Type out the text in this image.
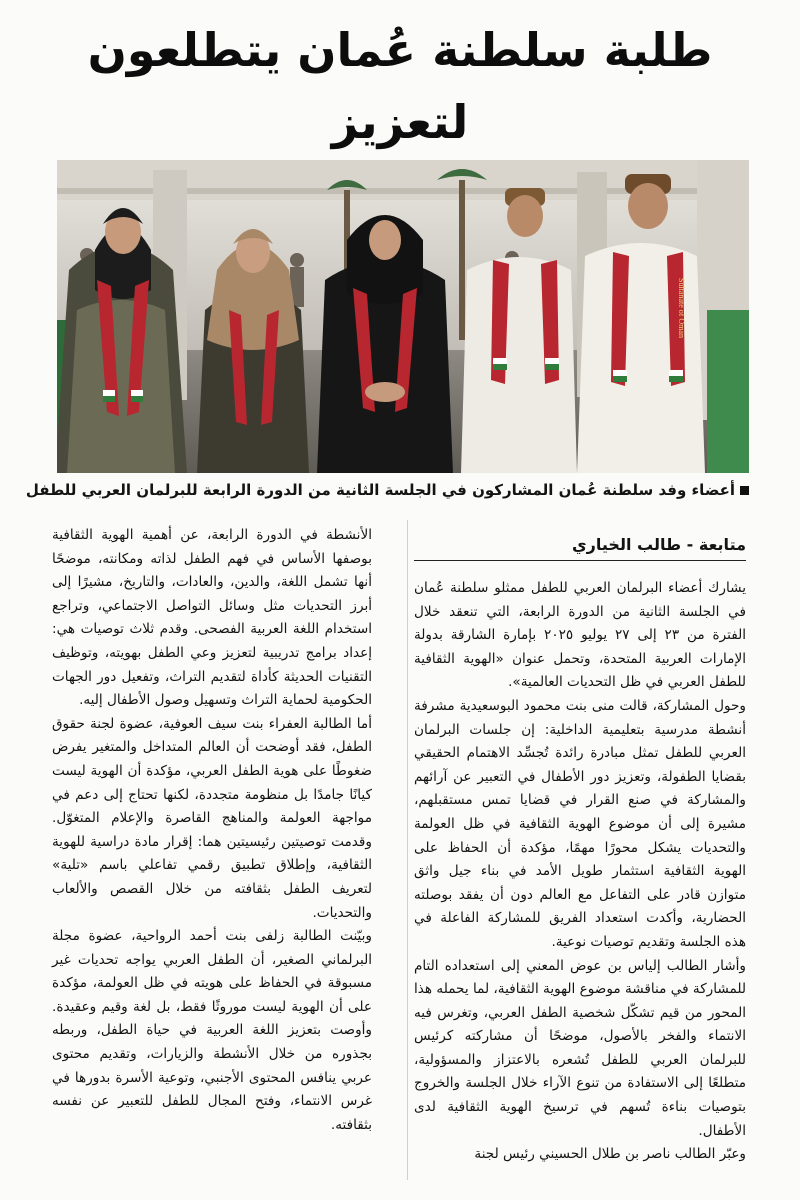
طلبة سلطنة عُمان يتطلعون لتعزيز
Sultanate of Oman
أعضاء وفد سلطنة عُمان المشاركون في الجلسة الثانية من الدورة الرابعة للبرلمان العربي للطفل
متابعة - طالب الخياري

يشارك أعضاء البرلمان العربي للطفل ممثلو سلطنة عُمان في الجلسة الثانية من الدورة الرابعة، التي تنعقد خلال الفترة من ٢٣ إلى ٢٧ يوليو ٢٠٢٥ بإمارة الشارقة بدولة الإمارات العربية المتحدة، وتحمل عنوان «الهوية الثقافية للطفل العربي في ظل التحديات العالمية».

وحول المشاركة، قالت منى بنت محمود البوسعيدية مشرفة أنشطة مدرسية بتعليمية الداخلية: إن جلسات البرلمان العربي للطفل تمثل مبادرة رائدة تُجسِّد الاهتمام الحقيقي بقضايا الطفولة، وتعزيز دور الأطفال في التعبير عن آرائهم والمشاركة في صنع القرار في قضايا تمس مستقبلهم، مشيرة إلى أن موضوع الهوية الثقافية في ظل العولمة والتحديات يشكل محورًا مهمًا، مؤكدة أن الحفاظ على الهوية الثقافية استثمار طويل الأمد في بناء جيل واثق متوازن قادر على التفاعل مع العالم دون أن يفقد بوصلته الحضارية، وأكدت استعداد الفريق للمشاركة الفاعلة في هذه الجلسة وتقديم توصيات نوعية.

وأشار الطالب إلياس بن عوض المعني إلى استعداده التام للمشاركة في مناقشة موضوع الهوية الثقافية، لما يحمله هذا المحور من قيم تشكّل شخصية الطفل العربي، وتغرس فيه الانتماء والفخر بالأصول، موضحًا أن مشاركته كرئيس للبرلمان العربي للطفل تُشعره بالاعتزاز والمسؤولية، متطلعًا إلى الاستفادة من تنوع الآراء خلال الجلسة والخروج بتوصيات بناءة تُسهم في ترسيخ الهوية الثقافية لدى الأطفال.

وعبّر الطالب ناصر بن طلال الحسيني رئيس لجنة

الأنشطة في الدورة الرابعة، عن أهمية الهوية الثقافية بوصفها الأساس في فهم الطفل لذاته ومكانته، موضحًا أنها تشمل اللغة، والدين، والعادات، والتاريخ، مشيرًا إلى أبرز التحديات مثل وسائل التواصل الاجتماعي، وتراجع استخدام اللغة العربية الفصحى. وقدم ثلاث توصيات هي: إعداد برامج تدريبية لتعزيز وعي الطفل بهويته، وتوظيف التقنيات الحديثة كأداة لتقديم التراث، وتفعيل دور الجهات الحكومية لحماية التراث وتسهيل وصول الأطفال إليه.

أما الطالبة العفراء بنت سيف العوفية، عضوة لجنة حقوق الطفل، فقد أوضحت أن العالم المتداخل والمتغير يفرض ضغوطًا على هوية الطفل العربي، مؤكدة أن الهوية ليست كيانًا جامدًا بل منظومة متجددة، لكنها تحتاج إلى دعم في مواجهة العولمة والمناهج القاصرة والإعلام المتغوّل. وقدمت توصيتين رئيسيتين هما: إقرار مادة دراسية للهوية الثقافية، وإطلاق تطبيق رقمي تفاعلي باسم «تلية» لتعريف الطفل بثقافته من خلال القصص والألعاب والتحديات.

وبيّنت الطالبة زلفى بنت أحمد الرواحية، عضوة مجلة البرلماني الصغير، أن الطفل العربي يواجه تحديات غير مسبوقة في الحفاظ على هويته في ظل العولمة، مؤكدة على أن الهوية ليست موروثًا فقط، بل لغة وقيم وعقيدة. وأوصت بتعزيز اللغة العربية في حياة الطفل، وربطه بجذوره من خلال الأنشطة والزيارات، وتقديم محتوى عربي ينافس المحتوى الأجنبي، وتوعية الأسرة بدورها في غرس الانتماء، وفتح المجال للطفل للتعبير عن نفسه بثقافته.
